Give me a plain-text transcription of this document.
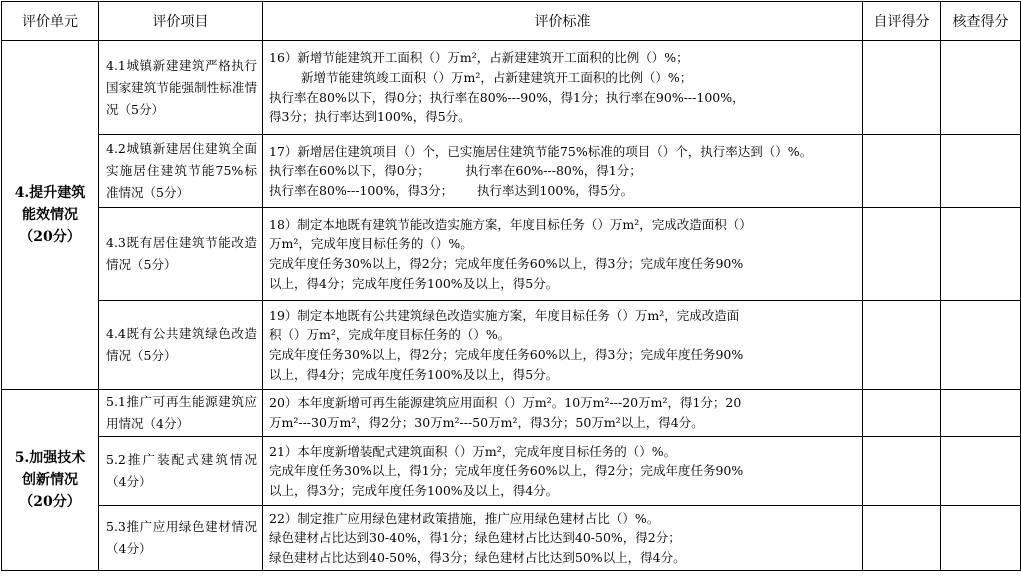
评价单元	评价项目	评价标准	自评得分	核查得分
4.提升建筑
能效情况
（20分）	4.1城镇新建建筑严格执行国家建筑节能强制性标准情况（5分）	16）新增节能建筑开工面积（）万m²，占新建建筑开工面积的比例（）%；
新增节能建筑竣工面积（）万m²，占新建建筑开工面积的比例（）%；
执行率在80%以下，得0分；执行率在80%---90%，得1分；执行率在90%---100%，
得3分；执行率达到100%，得5分。		

	4.2城镇新建居住建筑全面实施居住建筑节能75%标准情况（5分）	17）新增居住建筑项目（）个，已实施居住建筑节能75%标准的项目（）个，执行率达到（）%。
执行率在60%以下，得0分；         执行率在60%---80%，得1分；
执行率在80%---100%，得3分；      执行率达到100%，得5分。		

	4.3既有居住建筑节能改造情况（5分）	18）制定本地既有建筑节能改造实施方案，年度目标任务（）万m²，完成改造面积（）
万m²，完成年度目标任务的（）%。
完成年度任务30%以上，得2分；完成年度任务60%以上，得3分；完成年度任务90%
以上，得4分；完成年度任务100%及以上，得5分。		

	4.4既有公共建筑绿色改造情况（5分）	19）制定本地既有公共建筑绿色改造实施方案，年度目标任务（）万m²，完成改造面
积（）万m²，完成年度目标任务的（）%。
完成年度任务30%以上，得2分；完成年度任务60%以上，得3分；完成年度任务90%
以上，得4分；完成年度任务100%及以上，得5分。		

5.加强技术
创新情况
（20分）	5.1推广可再生能源建筑应用情况（4分）	20）本年度新增可再生能源建筑应用面积（）万m²。10万m²---20万m²，得1分；20
万m²---30万m²，得2分；30万m²---50万m²，得3分；50万m²以上，得4分。		

	5.2推广装配式建筑情况（4分）	21）本年度新增装配式建筑面积（）万m²，完成年度目标任务的（）%。
完成年度任务30%以上，得1分；完成年度任务60%以上，得2分；完成年度任务90%
以上，得3分；完成年度任务100%及以上，得4分。		

	5.3推广应用绿色建材情况（4分）	22）制定推广应用绿色建材政策措施，推广应用绿色建材占比（）%。
绿色建材占比达到30-40%，得1分；绿色建材占比达到40-50%，得2分；
绿色建材占比达到40-50%，得3分；绿色建材占比达到50%以上，得4分。		
